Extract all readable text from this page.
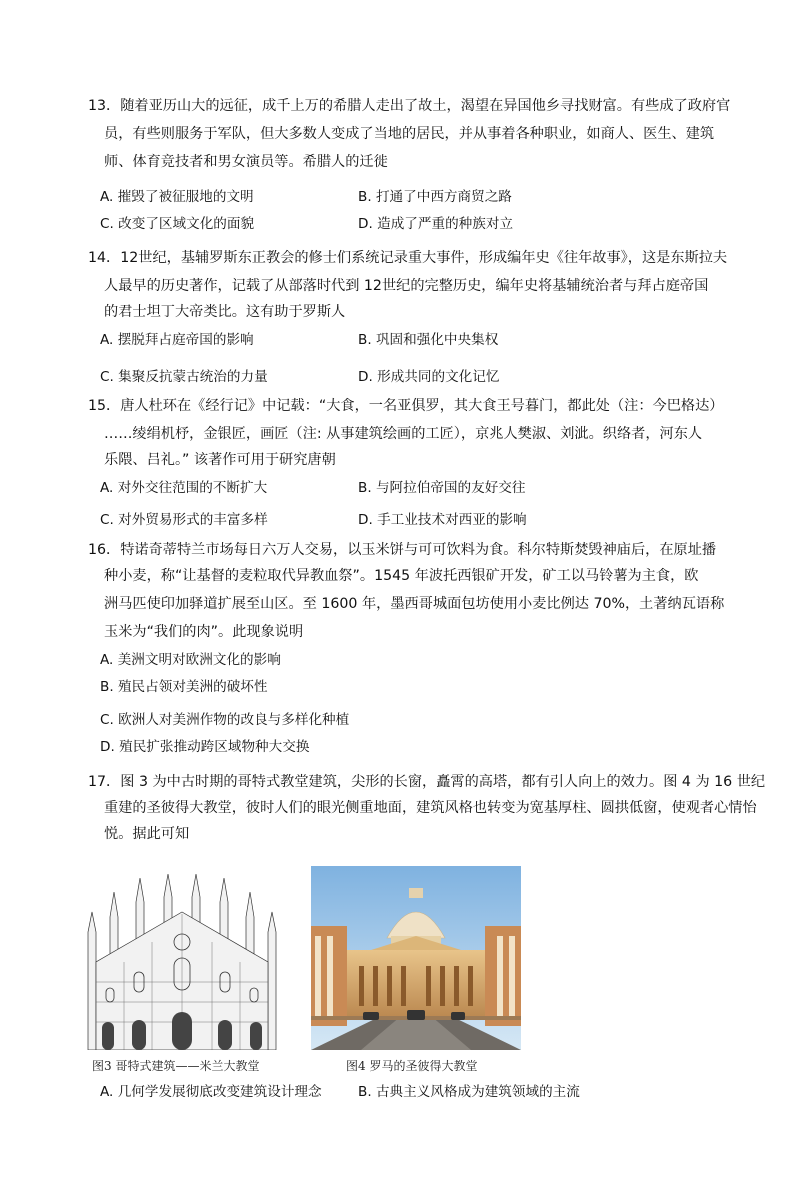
13．随着亚历山大的远征，成千上万的希腊人走出了故土，渴望在异国他乡寻找财富。有些成了政府官
员，有些则服务于军队，但大多数人变成了当地的居民，并从事着各种职业，如商人、医生、建筑
师、体育竞技者和男女演员等。希腊人的迁徙
A. 摧毁了被征服地的文明	B. 打通了中西方商贸之路
C. 改变了区域文化的面貌	D. 造成了严重的种族对立
14．12世纪，基辅罗斯东正教会的修士们系统记录重大事件，形成编年史《往年故事》，这是东斯拉夫
人最早的历史著作，记载了从部落时代到 12世纪的完整历史，编年史将基辅统治者与拜占庭帝国
的君士坦丁大帝类比。这有助于罗斯人
A. 摆脱拜占庭帝国的影响	B. 巩固和强化中央集权
C. 集聚反抗蒙古统治的力量	D. 形成共同的文化记忆
15．唐人杜环在《经行记》中记载：“大食，一名亚俱罗，其大食王号暮门，都此处（注：今巴格达）
……绫绢机杼，金银匠，画匠（注: 从事建筑绘画的工匠），京兆人樊淑、刘泚。织络者，河东人
乐隈、吕礼。” 该著作可用于研究唐朝
A. 对外交往范围的不断扩大	B. 与阿拉伯帝国的友好交往
C. 对外贸易形式的丰富多样	D. 手工业技术对西亚的影响
16．特诺奇蒂特兰市场每日六万人交易，以玉米饼与可可饮料为食。科尔特斯焚毁神庙后，在原址播
种小麦，称“让基督的麦粒取代异教血祭”。1545 年波托西银矿开发，矿工以马铃薯为主食，欧
洲马匹使印加驿道扩展至山区。至 1600 年，墨西哥城面包坊使用小麦比例达 70%，土著纳瓦语称
玉米为“我们的肉”。此现象说明
A. 美洲文明对欧洲文化的影响
B. 殖民占领对美洲的破坏性
C. 欧洲人对美洲作物的改良与多样化种植
D. 殖民扩张推动跨区域物种大交换
17．图 3 为中古时期的哥特式教堂建筑，尖形的长窗，矗霄的高塔，都有引人向上的效力。图 4 为 16 世纪
重建的圣彼得大教堂，彼时人们的眼光侧重地面，建筑风格也转变为宽基厚柱、圆拱低窗，使观者心情怡
悦。据此可知
图3 哥特式建筑——米兰大教堂	图4 罗马的圣彼得大教堂
A. 几何学发展彻底改变建筑设计理念	B. 古典主义风格成为建筑领域的主流
